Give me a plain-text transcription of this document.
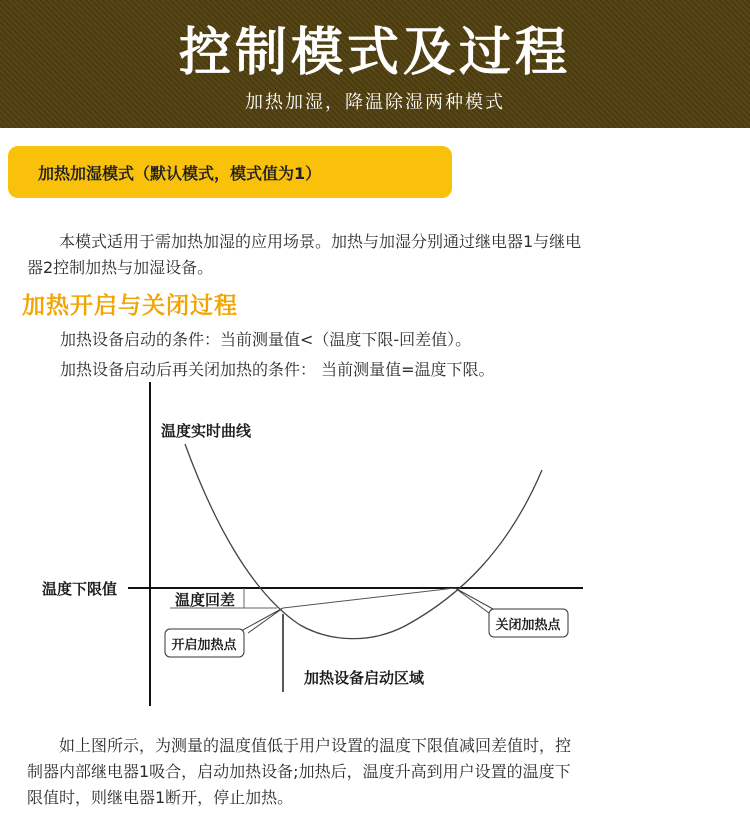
控制模式及过程
加热加湿，降温除湿两种模式
加热加湿模式（默认模式，模式值为1）
本模式适用于需加热加湿的应用场景。加热与加湿分别通过继电器1与继电
器2控制加热与加湿设备。
加热开启与关闭过程
加热设备启动的条件：当前测量值<（温度下限-回差值）。
加热设备启动后再关闭加热的条件： 当前测量值=温度下限。
开启加热点
关闭加热点
温度实时曲线
温度下限值
温度回差
加热设备启动区域
如上图所示，为测量的温度值低于用户设置的温度下限值减回差值时，控
制器内部继电器1吸合，启动加热设备;加热后，温度升高到用户设置的温度下
限值时，则继电器1断开，停止加热。
